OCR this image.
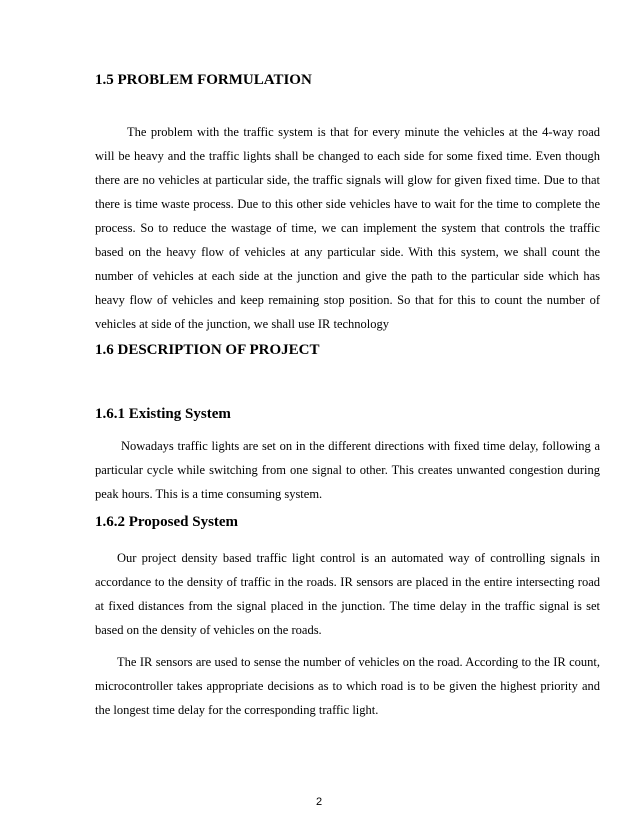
1.5 PROBLEM FORMULATION

The problem with the traffic system is that for every minute the vehicles at the 4-way road will be heavy and the traffic lights shall be changed to each side for some fixed time. Even though there are no vehicles at particular side, the traffic signals will glow for given fixed time. Due to that there is time waste process. Due to this other side vehicles have to wait for the time to complete the process. So to reduce the wastage of time, we can implement the system that controls the traffic based on the heavy flow of vehicles at any particular side. With this system, we shall count the number of vehicles at each side at the junction and give the path to the particular side which has heavy flow of vehicles and keep remaining stop position. So that for this to count the number of vehicles at side of the junction, we shall use IR technology

1.6 DESCRIPTION OF PROJECT
1.6.1 Existing System

Nowadays traffic lights are set on in the different directions with fixed time delay, following a particular cycle while switching from one signal to other. This creates unwanted congestion during peak hours. This is a time consuming system.

1.6.2 Proposed System

Our project density based traffic light control is an automated way of controlling signals in accordance to the density of traffic in the roads. IR sensors are placed in the entire intersecting road at fixed distances from the signal placed in the junction. The time delay in the traffic signal is set based on the density of vehicles on the roads.

The IR sensors are used to sense the number of vehicles on the road. According to the IR count, microcontroller takes appropriate decisions as to which road is to be given the highest priority and the longest time delay for the corresponding traffic light.

2
